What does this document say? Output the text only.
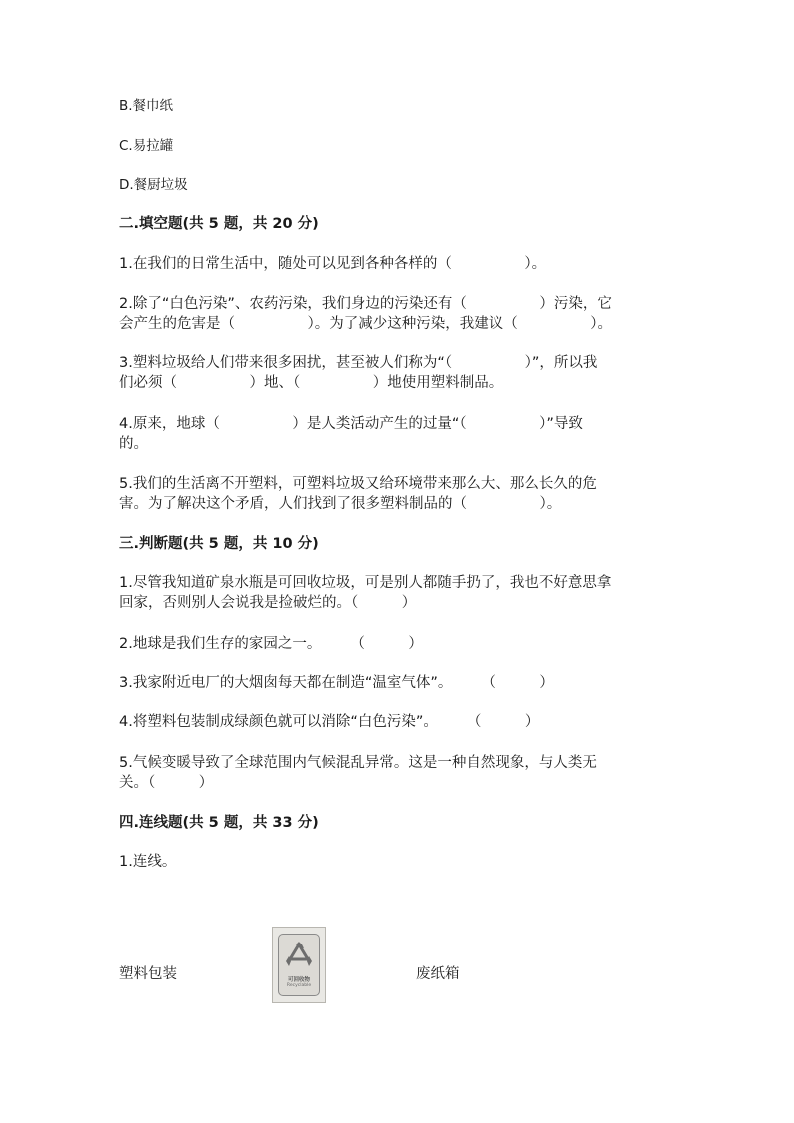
B.餐巾纸
C.易拉罐
D.餐厨垃圾
二.填空题(共 5 题，共 20 分)
1.在我们的日常生活中，随处可以见到各种各样的（　　　　　）。
2.除了“白色污染”、农药污染，我们身边的污染还有（　　　　　）污染，它
会产生的危害是（　　　　　）。为了减少这种污染，我建议（　　　　　）。
3.塑料垃圾给人们带来很多困扰，甚至被人们称为“（　　　　　）”，所以我
们必须（　　　　　）地、（　　　　　）地使用塑料制品。
4.原来，地球（　　　　　）是人类活动产生的过量“（　　　　　）”导致
的。
5.我们的生活离不开塑料，可塑料垃圾又给环境带来那么大、那么长久的危
害。为了解决这个矛盾，人们找到了很多塑料制品的（　　　　　）。
三.判断题(共 5 题，共 10 分)
1.尽管我知道矿泉水瓶是可回收垃圾，可是别人都随手扔了，我也不好意思拿
回家，否则别人会说我是捡破烂的。（　　　）
2.地球是我们生存的家园之一。　　　（　　　）
3.我家附近电厂的大烟囱每天都在制造“温室气体”。　　　（　　　）
4.将塑料包装制成绿颜色就可以消除“白色污染”。　　　（　　　）
5.气候变暖导致了全球范围内气候混乱异常。这是一种自然现象，与人类无
关。（　　　）
四.连线题(共 5 题，共 33 分)
1.连线。
塑料包装	可回收物
Recyclable
废纸箱
